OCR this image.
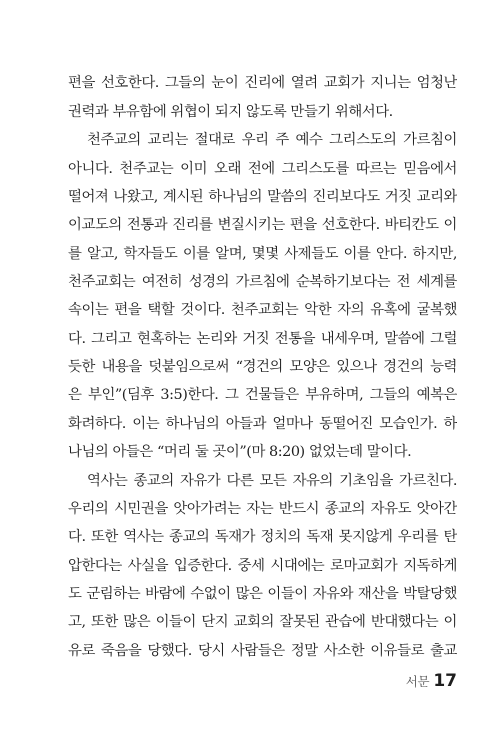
편을 선호한다. 그들의 눈이 진리에 열려 교회가 지니는 엄청난
권력과 부유함에 위협이 되지 않도록 만들기 위해서다.
천주교의 교리는 절대로 우리 주 예수 그리스도의 가르침이
아니다. 천주교는 이미 오래 전에 그리스도를 따르는 믿음에서
떨어져 나왔고, 계시된 하나님의 말씀의 진리보다도 거짓 교리와
이교도의 전통과 진리를 변질시키는 편을 선호한다. 바티칸도 이
를 알고, 학자들도 이를 알며, 몇몇 사제들도 이를 안다. 하지만,
천주교회는 여전히 성경의 가르침에 순복하기보다는 전 세계를
속이는 편을 택할 것이다. 천주교회는 악한 자의 유혹에 굴복했
다. 그리고 현혹하는 논리와 거짓 전통을 내세우며, 말씀에 그럴
듯한 내용을 덧붙임으로써 “경건의 모양은 있으나 경건의 능력
은 부인”(딤후 3:5)한다. 그 건물들은 부유하며, 그들의 예복은
화려하다. 이는 하나님의 아들과 얼마나 동떨어진 모습인가. 하
나님의 아들은 “머리 둘 곳이”(마 8:20) 없었는데 말이다.
역사는 종교의 자유가 다른 모든 자유의 기초임을 가르친다.
우리의 시민권을 앗아가려는 자는 반드시 종교의 자유도 앗아간
다. 또한 역사는 종교의 독재가 정치의 독재 못지않게 우리를 탄
압한다는 사실을 입증한다. 중세 시대에는 로마교회가 지독하게
도 군림하는 바람에 수없이 많은 이들이 자유와 재산을 박탈당했
고, 또한 많은 이들이 단지 교회의 잘못된 관습에 반대했다는 이
유로 죽음을 당했다. 당시 사람들은 정말 사소한 이유들로 출교
서문 17
